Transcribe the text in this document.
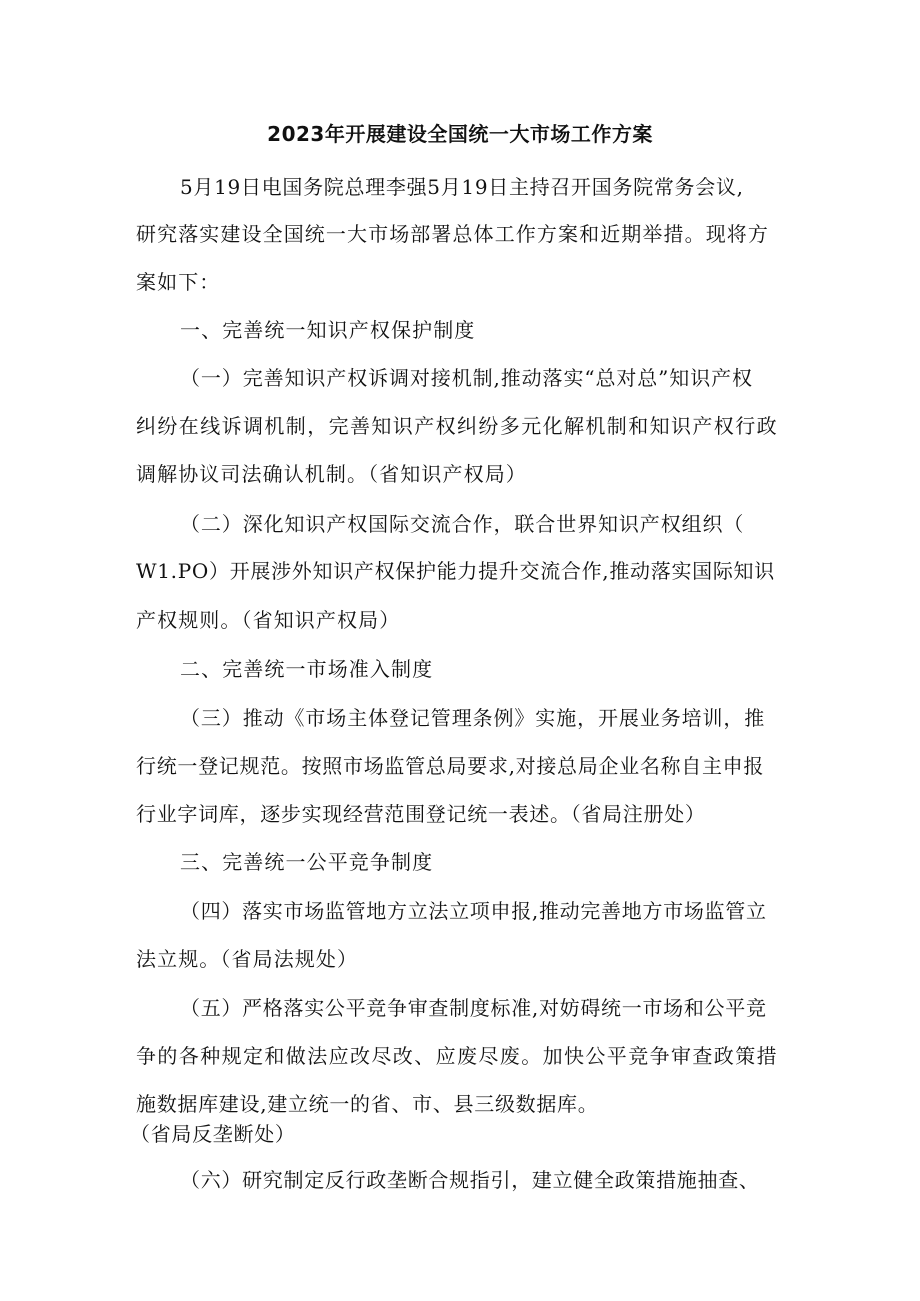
2023年开展建设全国统一大市场工作方案
5月19日电国务院总理李强5月19日主持召开国务院常务会议,
研究落实建设全国统一大市场部署总体工作方案和近期举措。现将方
案如下：
一、完善统一知识产权保护制度
（一）完善知识产权诉调对接机制,推动落实“总对总”知识产权
纠纷在线诉调机制，完善知识产权纠纷多元化解机制和知识产权行政
调解协议司法确认机制。（省知识产权局）
（二）深化知识产权国际交流合作，联合世界知识产权组织（
W1.PO）开展涉外知识产权保护能力提升交流合作,推动落实国际知识
产权规则。（省知识产权局）
二、完善统一市场准入制度
（三）推动《市场主体登记管理条例》实施，开展业务培训，推
行统一登记规范。按照市场监管总局要求,对接总局企业名称自主申报
行业字词库，逐步实现经营范围登记统一表述。（省局注册处）
三、完善统一公平竞争制度
（四）落实市场监管地方立法立项申报,推动完善地方市场监管立
法立规。（省局法规处）
（五）严格落实公平竞争审查制度标准,对妨碍统一市场和公平竞
争的各种规定和做法应改尽改、应废尽废。加快公平竞争审查政策措
施数据库建设,建立统一的省、市、县三级数据库。
（省局反垄断处）
（六）研究制定反行政垄断合规指引，建立健全政策措施抽查、
